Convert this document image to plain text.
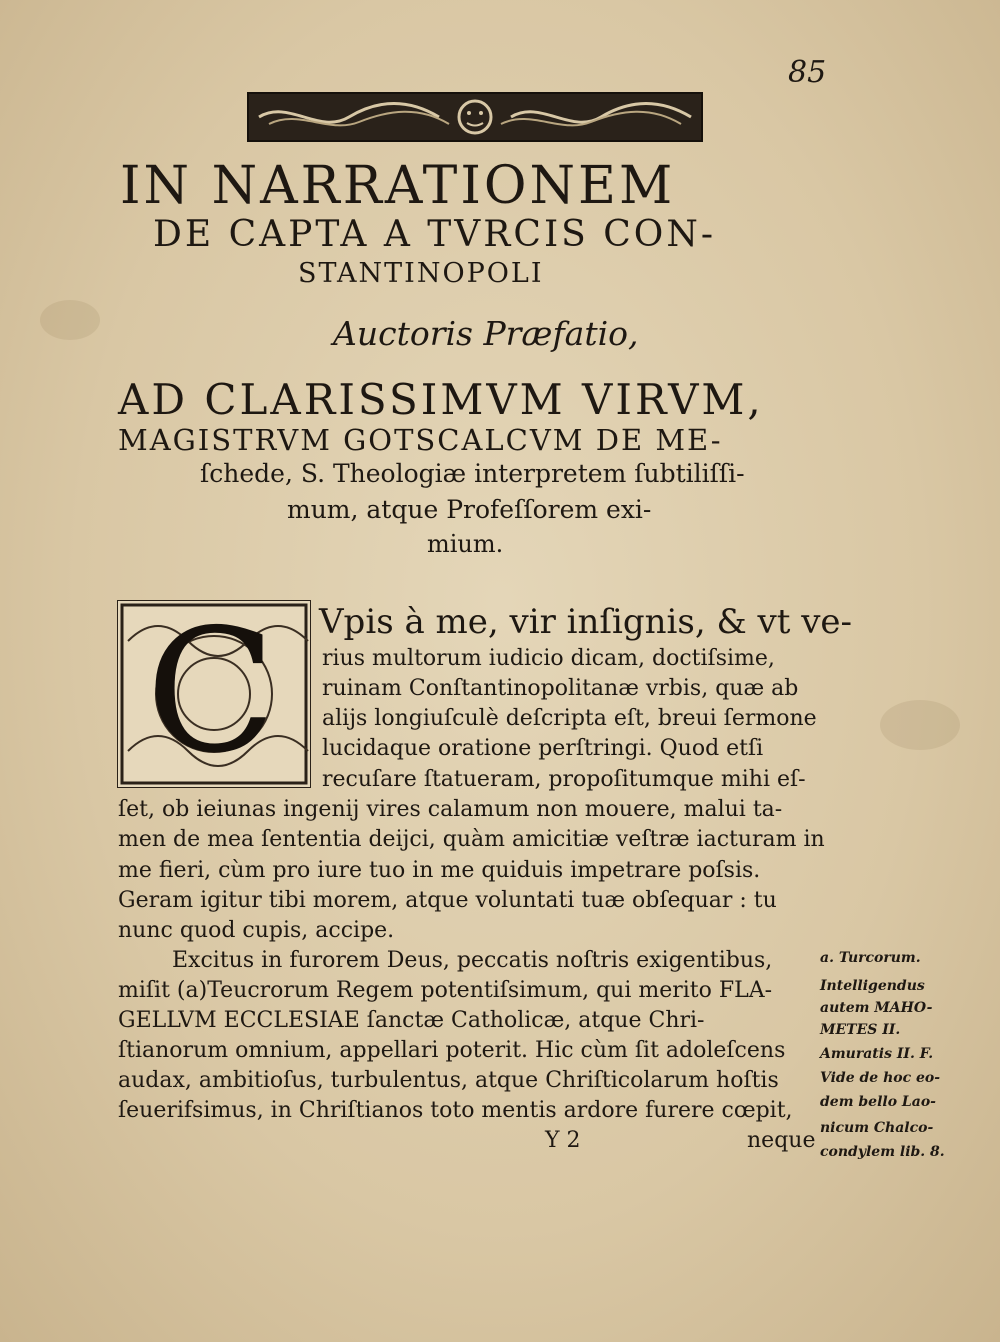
85
IN NARRATIONEM
DE CAPTA A TVRCIS CON-
STANTINOPOLI
Auctoris Præfatio,
AD CLARISSIMVM VIRVM,
MAGISTRVM GOTSCALCVM DE ME-
ſchede, S. Theologiæ interpretem ſubtiliſſi-
mum, atque Profeſſorem exi-
mium.
C Vpis à me, vir inſignis, & vt ve-
rius multorum iudicio dicam, doctiſsime,
ruinam Conſtantinopolitanæ vrbis, quæ ab
alijs longiuſculè deſcripta eſt, breui ſermone
lucidaque oratione perſtringi. Quod etſi
recuſare ſtatueram, propoſitumque mihi eſ-
ſet, ob ieiunas ingenij vires calamum non mouere, malui ta-
men de mea ſententia deijci, quàm amicitiæ veſtræ iacturam in
me fieri, cùm pro iure tuo in me quiduis impetrare poſsis.
Geram igitur tibi morem, atque voluntati tuæ obſequar : tu
nunc quod cupis, accipe.
Excitus in furorem Deus, peccatis noſtris exigentibus,
miſit (a)Teucrorum Regem potentiſsimum, qui merito FLA-
GELLVM ECCLESIAE ſanctæ Catholicæ, atque Chri-
ſtianorum omnium, appellari poterit. Hic cùm ſit adoleſcens
audax, ambitioſus, turbulentus, atque Chriſticolarum hoſtis
ſeuerifsimus, in Chriſtianos toto mentis ardore furere cœpit,
Y 2	neque
a. Turcorum.
Intelligendus
autem MAHO-
METES II.
Amuratis II. F.
Vide de hoc eo-
dem bello Lao-
nicum Chalco-
condylem lib. 8.
